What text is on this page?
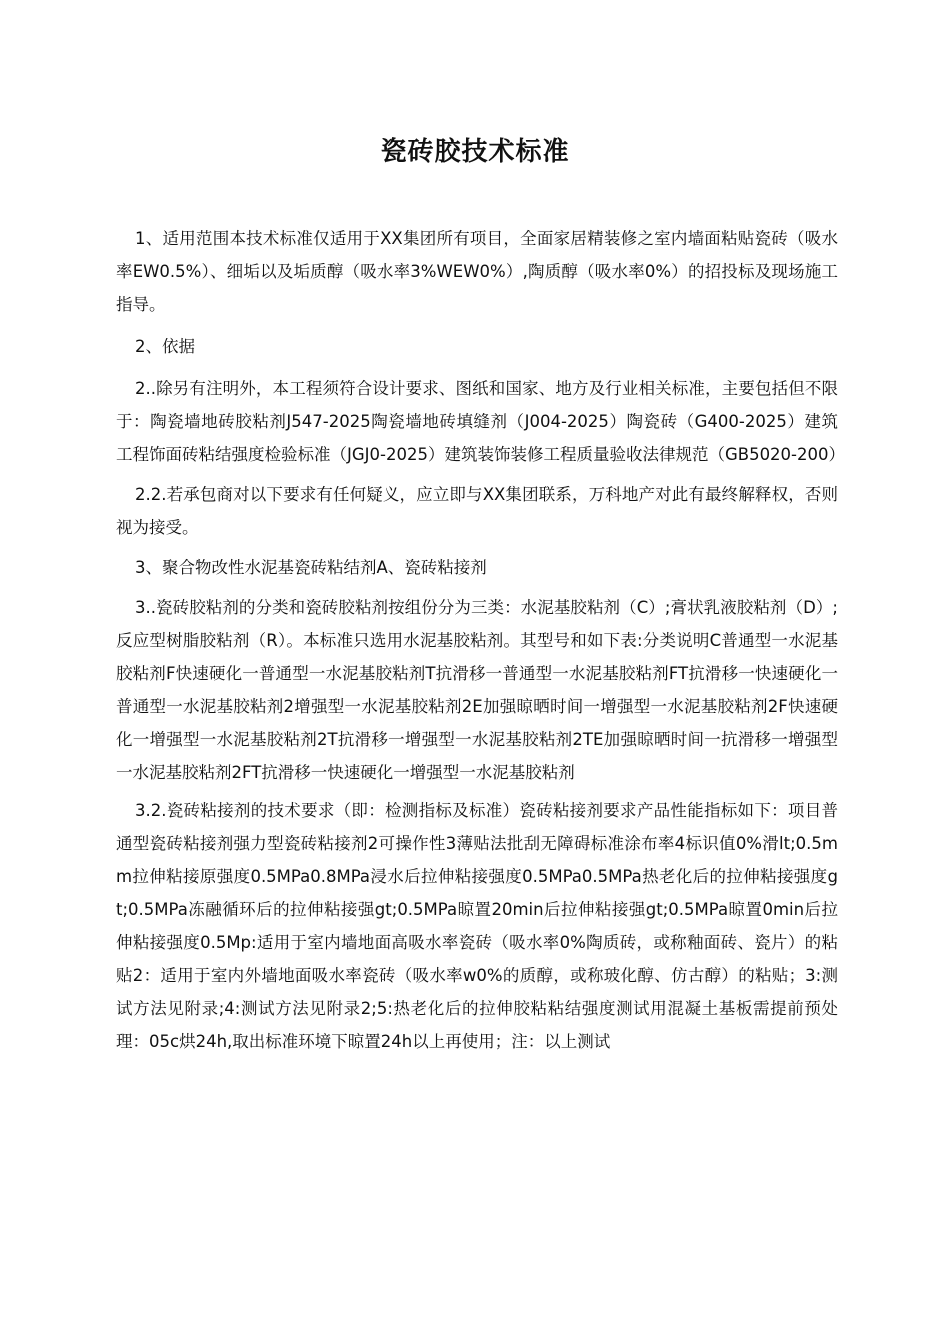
瓷砖胶技术标准

1、适用范围本技术标准仅适用于XX集团所有项目，全面家居精装修之室内墙面粘贴瓷砖（吸水率EW0.5%）、细垢以及垢质醇（吸水率3%WEW0%）,陶质醇（吸水率0%）的招投标及现场施工指导。

2、依据

2..除另有注明外，本工程须符合设计要求、图纸和国家、地方及行业相关标准，主要包括但不限于：陶瓷墙地砖胶粘剂J547-2025陶瓷墙地砖填缝剂（J004-2025）陶瓷砖（G400-2025）建筑工程饰面砖粘结强度检验标准（JGJ0-2025）建筑装饰装修工程质量验收法律规范（GB5020-200）

2.2.若承包商对以下要求有任何疑义，应立即与XX集团联系，万科地产对此有最终解释权，否则视为接受。

3、聚合物改性水泥基瓷砖粘结剂A、瓷砖粘接剂

3..瓷砖胶粘剂的分类和瓷砖胶粘剂按组份分为三类：水泥基胶粘剂（C）;膏状乳液胶粘剂（D）;反应型树脂胶粘剂（R）。本标准只选用水泥基胶粘剂。其型号和如下表:分类说明C普通型一水泥基胶粘剂F快速硬化一普通型一水泥基胶粘剂T抗滑移一普通型一水泥基胶粘剂FT抗滑移一快速硬化一普通型一水泥基胶粘剂2增强型一水泥基胶粘剂2E加强晾晒时间一增强型一水泥基胶粘剂2F快速硬化一增强型一水泥基胶粘剂2T抗滑移一增强型一水泥基胶粘剂2TE加强晾晒时间一抗滑移一增强型一水泥基胶粘剂2FT抗滑移一快速硬化一增强型一水泥基胶粘剂

3.2.瓷砖粘接剂的技术要求（即：检测指标及标准）瓷砖粘接剂要求产品性能指标如下：项目普通型瓷砖粘接剂强力型瓷砖粘接剂2可操作性3薄贴法批刮无障碍标准涂布率4标识值0%滑lt;0.5mm拉伸粘接原强度0.5MPa0.8MPa浸水后拉伸粘接强度0.5MPa0.5MPa热老化后的拉伸粘接强度gt;0.5MPa冻融循环后的拉伸粘接强gt;0.5MPa晾置20min后拉伸粘接强gt;0.5MPa晾置0min后拉伸粘接强度0.5Mp:适用于室内墙地面高吸水率瓷砖（吸水率0%陶质砖，或称釉面砖、瓷片）的粘贴2：适用于室内外墙地面吸水率瓷砖（吸水率w0%的质醇，或称玻化醇、仿古醇）的粘贴；3:测试方法见附录;4:测试方法见附录2;5:热老化后的拉伸胶粘粘结强度测试用混凝土基板需提前预处理：05c烘24h,取出标准环境下晾置24h以上再使用；注：以上测试
